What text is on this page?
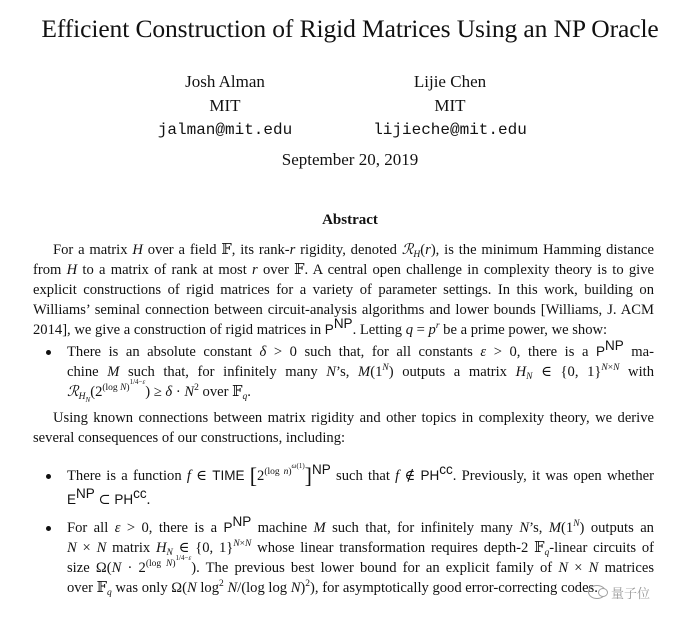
Efficient Construction of Rigid Matrices Using an NP Oracle
Josh Alman
MIT
jalman@mit.edu
Lijie Chen
MIT
lijieche@mit.edu
September 20, 2019
Abstract
For a matrix H over a field 𝔽, its rank-r rigidity, denoted ℛ$_H$(r), is the minimum Hamming distance
from H to a matrix of rank at most r over 𝔽. A central open challenge in complexity theory is to give
explicit constructions of rigid matrices for a variety of parameter settings. In this work, building on
Williams’ seminal connection between circuit-analysis algorithms and lower bounds [Williams, J. ACM
2014], we give a construction of rigid matrices in $P^{NP}$. Letting $q = p^r$ be a prime power, we show:
There is an absolute constant δ > 0 such that, for all constants ε > 0, there is a $P^{NP}$ ma-
chine M such that, for infinitely many N’s, $M(1^N)$ outputs a matrix $H_N$ ∈ {0, 1}$^{N\times N}$ with
$ℛ_{H_N}(2^{(log N)^{1/4-\varepsilon}}) \ge \delta \cdot N^2$ over 𝔽$_q$.
Using known connections between matrix rigidity and other topics in complexity theory, we derive
several consequences of our constructions, including:
There is a function f ∈ TIME $[2^{(log n)^{\omega(1)}}]^{NP}$ such that f ∉ $PH^{cc}$. Previously, it was open whether
$E^{NP}$ ⊂ $PH^{cc}$.
For all ε > 0, there is a $P^{NP}$ machine M such that, for infinitely many N’s, $M(1^N)$ outputs an
N × N matrix $H_N$ ∈ {0, 1}$^{N\times N}$ whose linear transformation requires depth-2 𝔽$_q$-linear circuits of
size $\Omega(N \cdot 2^{(log N)^{1/4-\varepsilon}})$. The previous best lower bound for an explicit family of N × N matrices
over 𝔽$_q$ was only Ω(N $\log^2 N/(\log$ log N)$^2$), for asymptotically good error-correcting codes.	量子位
